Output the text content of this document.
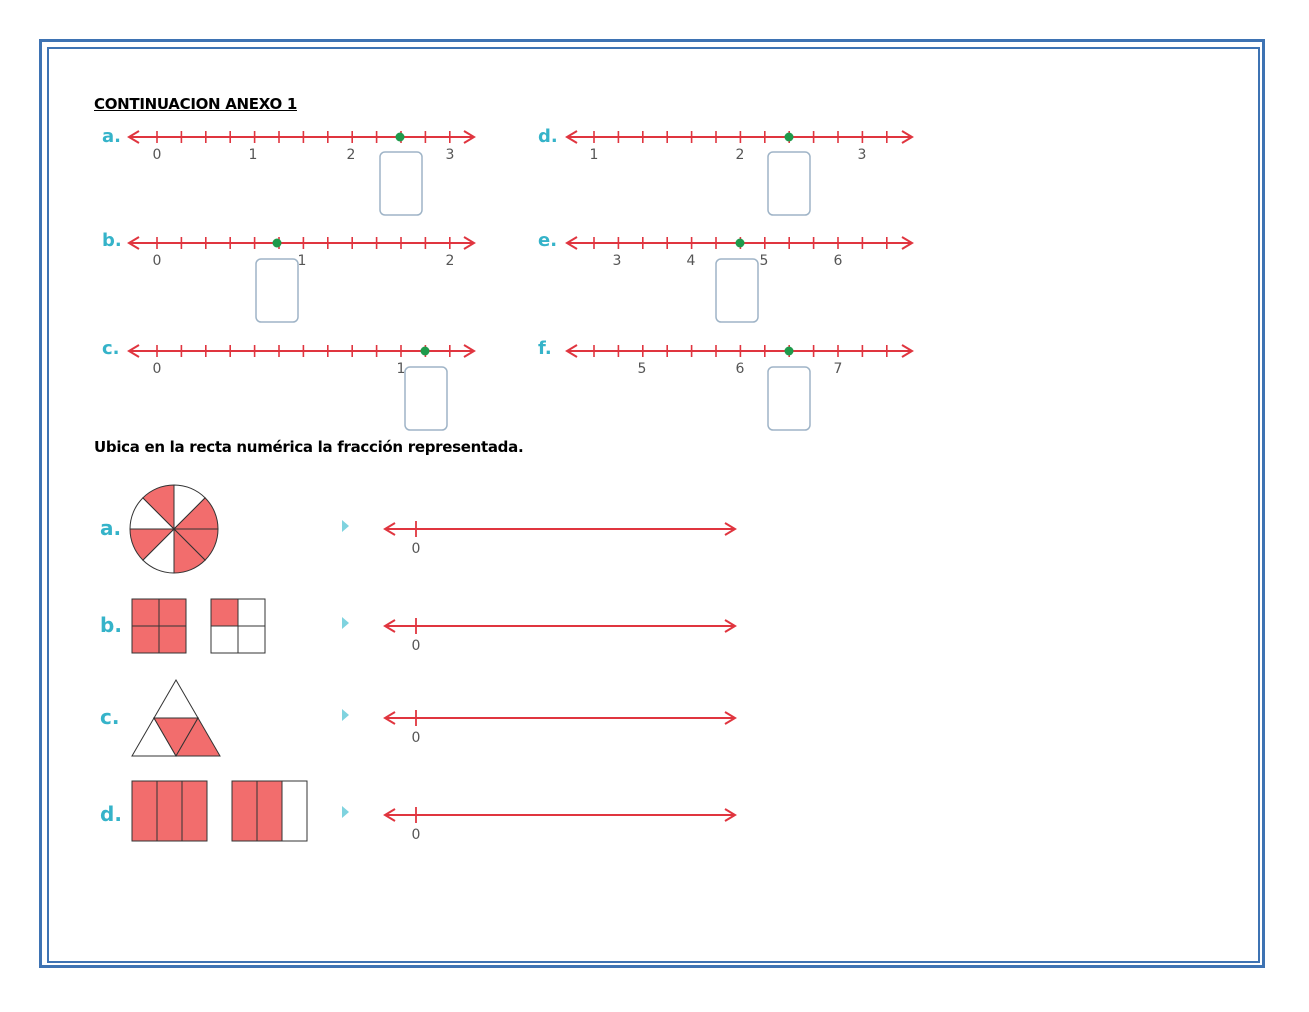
CONTINUACION ANEXO 1
Ubica en la recta numérica la fracción representada.
a.
0	1	2	3
b.
0	1	2
c.
0	1
d.
1	2	3
e.
3	4	5	6
f.
5	6	7
a.
0
b.
0
c.
0
d.
0
